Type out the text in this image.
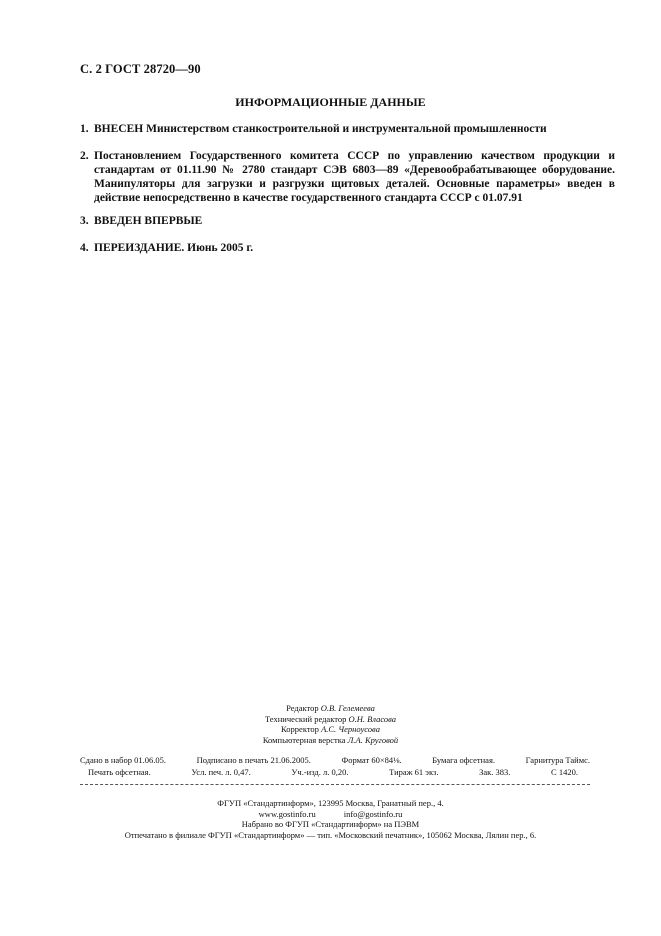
С. 2 ГОСТ 28720—90
ИНФОРМАЦИОННЫЕ ДАННЫЕ
1. ВНЕСЕН Министерством станкостроительной и инструментальной промышленности
2. Постановлением Государственного комитета СССР по управлению качеством продукции и стандартам от 01.11.90 № 2780 стандарт СЭВ 6803—89 «Деревообрабатывающее оборудование. Манипуляторы для загрузки и разгрузки щитовых деталей. Основные параметры» введен в действие непосредственно в качестве государственного стандарта СССР с 01.07.91
3. ВВЕДЕН ВПЕРВЫЕ
4. ПЕРЕИЗДАНИЕ. Июнь 2005 г.
Редактор О.В. Гелемеева
Технический редактор О.Н. Власова
Корректор А.С. Черноусова
Компьютерная верстка Л.А. Круговой
Сдано в набор 01.06.05.	Подписано в печать 21.06.2005.	Формат 60×84⅛.	Бумага офсетная.	Гарнитура Таймс.
Печать офсетная.	Усл. печ. л. 0,47.	Уч.-изд. л. 0,20.	Тираж 61 экз.	Зак. 383.	С 1420.
ФГУП «Стандартинформ», 123995 Москва, Гранатный пер., 4.
www.gostinfo.ru	info@gostinfo.ru
Набрано во ФГУП «Стандартинформ» на ПЭВМ
Отпечатано в филиале ФГУП «Стандартинформ» — тип. «Московский печатник», 105062 Москва, Лялин пер., 6.
